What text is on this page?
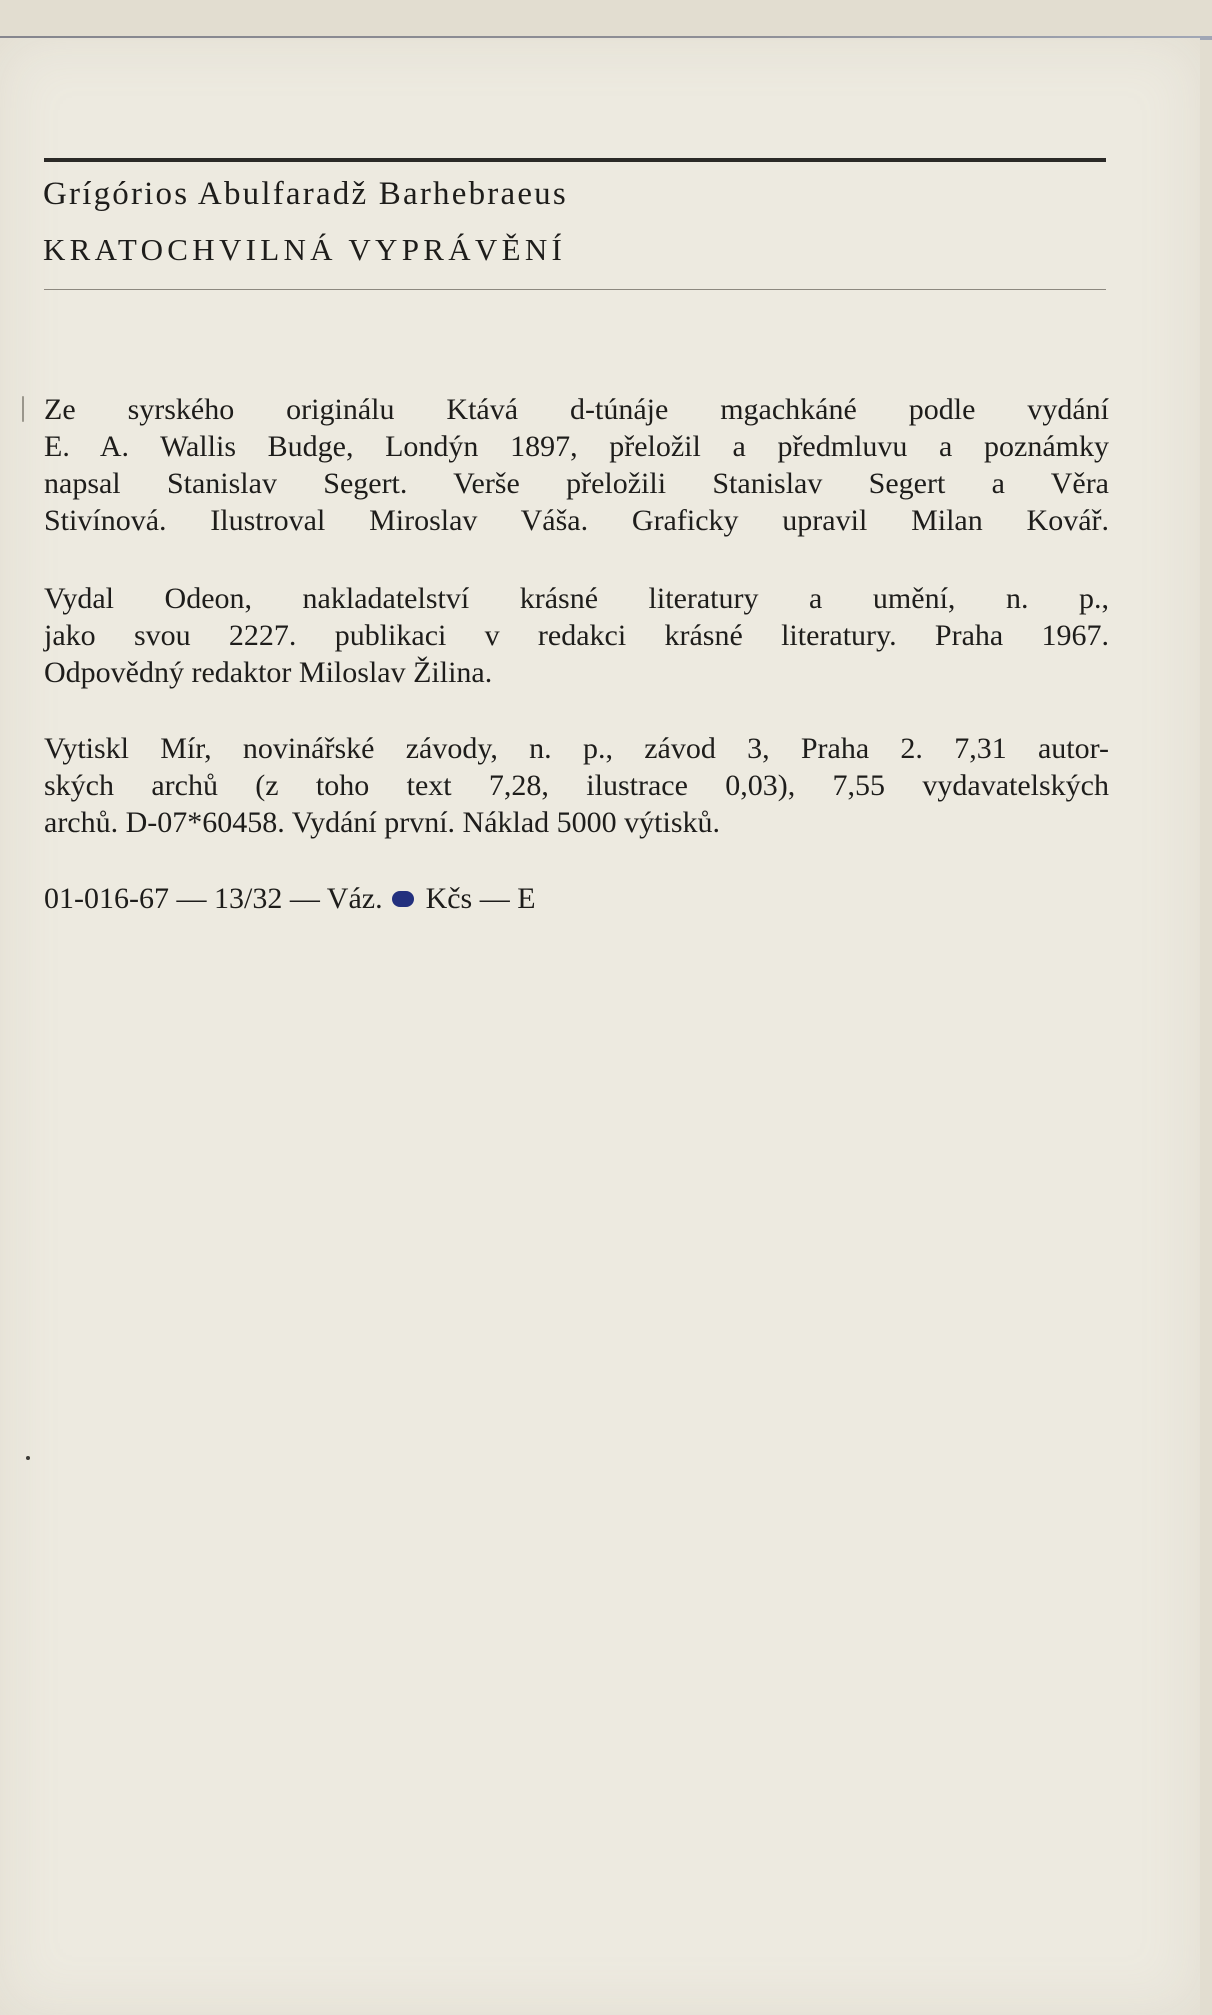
Grígórios Abulfaradž Barhebraeus
KRATOCHVILNÁ VYPRÁVĚNÍ
Ze syrského originálu Ktává d-túnáje mgachkáné podle vydání
E. A. Wallis Budge, Londýn 1897, přeložil a předmluvu a poznámky
napsal Stanislav Segert. Verše přeložili Stanislav Segert a Věra
Stivínová. Ilustroval Miroslav Váša. Graficky upravil Milan Kovář.
Vydal Odeon, nakladatelství krásné literatury a umění, n. p.,
jako svou 2227. publikaci v redakci krásné literatury. Praha 1967.
Odpovědný redaktor Miloslav Žilina.
Vytiskl Mír, novinářské závody, n. p., závod 3, Praha 2. 7,31 autor-
ských archů (z toho text 7,28, ilustrace 0,03), 7,55 vydavatelských
archů. D-07*60458. Vydání první. Náklad 5000 výtisků.
01-016-67 — 13/32 — Váz. Kčs — E
